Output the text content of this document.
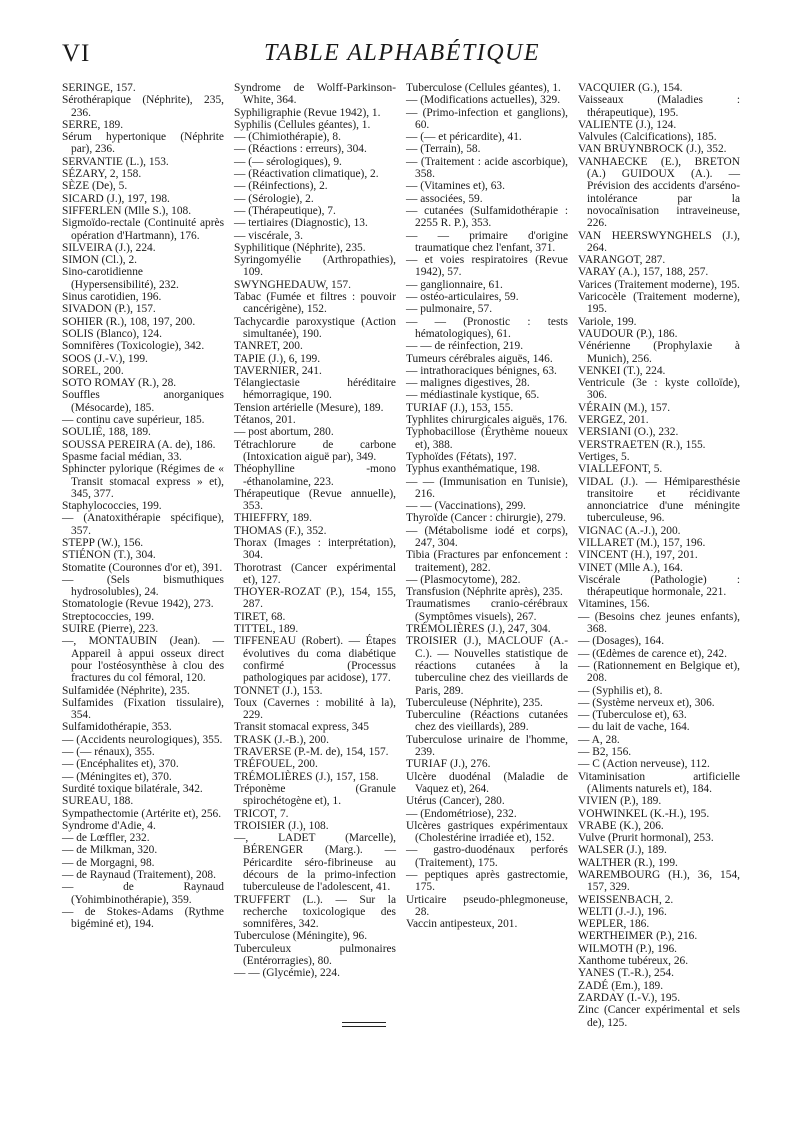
VI	TABLE ALPHABÉTIQUE

SERINGE, 157.

Sérothérapique (Néphrite), 235, 236.

SERRE, 189.

Sérum hypertonique (Néphrite par), 236.

SERVANTIE (L.), 153.

SÉZARY, 2, 158.

SÈZE (De), 5.

SICARD (J.), 197, 198.

SIFFERLEN (Mlle S.), 108.

Sigmoïdo-rectale (Continuité après opération d'Hartmann), 176.

SILVEIRA (J.), 224.

SIMON (Cl.), 2.

Sino-carotidienne (Hypersensibilité), 232.

Sinus carotidien, 196.

SIVADON (P.), 157.

SOHIER (R.), 108, 197, 200.

SOLIS (Blanco), 124.

Somnifères (Toxicologie), 342.

SOOS (J.-V.), 199.

SOREL, 200.

SOTO ROMAY (R.), 28.

Souffles anorganiques (Mésocarde), 185.

— continu cave supérieur, 185.

SOULIÉ, 188, 189.

SOUSSA PEREIRA (A. de), 186.

Spasme facial médian, 33.

Sphincter pylorique (Régimes de « Transit stomacal express » et), 345, 377.

Staphylococcies, 199.

— (Anatoxithérapie spécifique), 357.

STEPP (W.), 156.

STIÉNON (T.), 304.

Stomatite (Couronnes d'or et), 391.

— (Sels bismuthiques hydrosolubles), 24.

Stomatologie (Revue 1942), 273.

Streptococcies, 199.

SUIRE (Pierre), 223.

—, MONTAUBIN (Jean). — Appareil à appui osseux direct pour l'ostéosynthèse à clou des fractures du col fémoral, 120.

Sulfamidée (Néphrite), 235.

Sulfamides (Fixation tissulaire), 354.

Sulfamidothérapie, 353.

— (Accidents neurologiques), 355.

— (— rénaux), 355.

— (Encéphalites et), 370.

— (Méningites et), 370.

Surdité toxique bilatérale, 342.

SUREAU, 188.

Sympathectomie (Artérite et), 256.

Syndrome d'Adie, 4.

— de Lœffler, 232.

— de Milkman, 320.

— de Morgagni, 98.

— de Raynaud (Traitement), 208.

— de Raynaud (Yohimbinothérapie), 359.

— de Stokes-Adams (Rythme bigéminé et), 194.

Syndrome de Wolff-Parkinson-White, 364.

Syphiligraphie (Revue 1942), 1.

Syphilis (Cellules géantes), 1.

— (Chimiothérapie), 8.

— (Réactions : erreurs), 304.

— (— sérologiques), 9.

— (Réactivation climatique), 2.

— (Réinfections), 2.

— (Sérologie), 2.

— (Thérapeutique), 7.

— tertiaires (Diagnostic), 13.

— viscérale, 3.

Syphilitique (Néphrite), 235.

Syringomyélie (Arthropathies), 109.

SWYNGHEDAUW, 157.

Tabac (Fumée et filtres : pouvoir cancérigène), 152.

Tachycardie paroxystique (Action simultanée), 190.

TANRET, 200.

TAPIE (J.), 6, 199.

TAVERNIER, 241.

Télangiectasie héréditaire hémorragique, 190.

Tension artérielle (Mesure), 189.

Tétanos, 201.

— post abortum, 280.

Tétrachlorure de carbone (Intoxication aiguë par), 349.

Théophylline -mono -éthanolamine, 223.

Thérapeutique (Revue annuelle), 353.

THIEFFRY, 189.

THOMAS (F.), 352.

Thorax (Images : interprétation), 304.

Thorotrast (Cancer expérimental et), 127.

THOYER-ROZAT (P.), 154, 155, 287.

TIRET, 68.

TITTEL, 189.

TIFFENEAU (Robert). — Étapes évolutives du coma diabétique confirmé (Processus pathologiques par acidose), 177.

TONNET (J.), 153.

Toux (Cavernes : mobilité à la), 229.

Transit stomacal express, 345

TRASK (J.-B.), 200.

TRAVERSE (P.-M. de), 154, 157.

TRÉFOUEL, 200.

TRÉMOLIÈRES (J.), 157, 158.

Tréponème (Granule spirochétogène et), 1.

TRICOT, 7.

TROISIER (J.), 108.

—, LADET (Marcelle), BÉRENGER (Marg.). — Péricardite séro-fibrineuse au décours de la primo-infection tuberculeuse de l'adolescent, 41.

TRUFFERT (L.). — Sur la recherche toxicologique des somnifères, 342.

Tuberculose (Méningite), 96.

Tuberculeux pulmonaires (Entérorragies), 80.

— — (Glycémie), 224.

Tuberculose (Cellules géantes), 1.

— (Modifications actuelles), 329.

— (Primo-infection et ganglions), 60.

— (— et péricardite), 41.

— (Terrain), 58.

— (Traitement : acide ascorbique), 358.

— (Vitamines et), 63.

— associées, 59.

— cutanées (Sulfamidothérapie : 2255 R. P.), 353.

— — primaire d'origine traumatique chez l'enfant, 371.

— et voies respiratoires (Revue 1942), 57.

— ganglionnaire, 61.

— ostéo-articulaires, 59.

— pulmonaire, 57.

— — (Pronostic : tests hématologiques), 61.

— — de réinfection, 219.

Tumeurs cérébrales aiguës, 146.

— intrathoraciques bénignes, 63.

— malignes digestives, 28.

— médiastinale kystique, 65.

TURIAF (J.), 153, 155.

Typhlites chirurgicales aiguës, 176.

Typhobacillose (Érythème noueux et), 388.

Typhoïdes (Fétats), 197.

Typhus exanthématique, 198.

— — (Immunisation en Tunisie), 216.

— — (Vaccinations), 299.

Thyroïde (Cancer : chirurgie), 279.

— (Métabolisme iodé et corps), 247, 304.

Tibia (Fractures par enfoncement : traitement), 282.

— (Plasmocytome), 282.

Transfusion (Néphrite après), 235.

Traumatismes cranio-cérébraux (Symptômes visuels), 267.

TRÉMOLIÈRES (J.), 247, 304.

TROISIER (J.), MACLOUF (A.-C.). — Nouvelles statistique de réactions cutanées à la tuberculine chez des vieillards de Paris, 289.

Tuberculeuse (Néphrite), 235.

Tuberculine (Réactions cutanées chez des vieillards), 289.

Tuberculose urinaire de l'homme, 239.

TURIAF (J.), 276.

Ulcère duodénal (Maladie de Vaquez et), 264.

Utérus (Cancer), 280.

— (Endométriose), 232.

Ulcères gastriques expérimentaux (Cholestérine irradiée et), 152.

— gastro-duodénaux perforés (Traitement), 175.

— peptiques après gastrectomie, 175.

Urticaire pseudo-phlegmoneuse, 28.

Vaccin antipesteux, 201.

VACQUIER (G.), 154.

Vaisseaux (Maladies : thérapeutique), 195.

VALIENTE (J.), 124.

Valvules (Calcifications), 185.

VAN BRUYNBROCK (J.), 352.

VANHAECKE (E.), BRETON (A.) GUIDOUX (A.). — Prévision des accidents d'arséno-intolérance par la novocaïnisation intraveineuse, 226.

VAN HEERSWYNGHELS (J.), 264.

VARANGOT, 287.

VARAY (A.), 157, 188, 257.

Varices (Traitement moderne), 195.

Varicocèle (Traitement moderne), 195.

Variole, 199.

VAUDOUR (P.), 186.

Vénérienne (Prophylaxie à Munich), 256.

VENKEI (T.), 224.

Ventricule (3e : kyste colloïde), 306.

VÉRAIN (M.), 157.

VERGEZ, 201.

VERSIANI (O.), 232.

VERSTRAETEN (R.), 155.

Vertiges, 5.

VIALLEFONT, 5.

VIDAL (J.). — Hémiparesthésie transitoire et récidivante annonciatrice d'une méningite tuberculeuse, 96.

VIGNAC (A.-J.), 200.

VILLARET (M.), 157, 196.

VINCENT (H.), 197, 201.

VINET (Mlle A.), 164.

Viscérale (Pathologie) : thérapeutique hormonale, 221.

Vitamines, 156.

— (Besoins chez jeunes enfants), 368.

— (Dosages), 164.

— (Œdèmes de carence et), 242.

— (Rationnement en Belgique et), 208.

— (Syphilis et), 8.

— (Système nerveux et), 306.

— (Tuberculose et), 63.

— du lait de vache, 164.

— A, 28.

— B2, 156.

— C (Action nerveuse), 112.

Vitaminisation artificielle (Aliments naturels et), 184.

VIVIEN (P.), 189.

VOHWINKEL (K.-H.), 195.

VRABE (K.), 206.

Vulve (Prurit hormonal), 253.

WALSER (J.), 189.

WALTHER (R.), 199.

WAREMBOURG (H.), 36, 154, 157, 329.

WEISSENBACH, 2.

WELTI (J.-J.), 196.

WEPLER, 186.

WERTHEIMER (P.), 216.

WILMOTH (P.), 196.

Xanthome tubéreux, 26.

YANES (T.-R.), 254.

ZADÉ (Em.), 189.

ZARDAY (I.-V.), 195.

Zinc (Cancer expérimental et sels de), 125.
